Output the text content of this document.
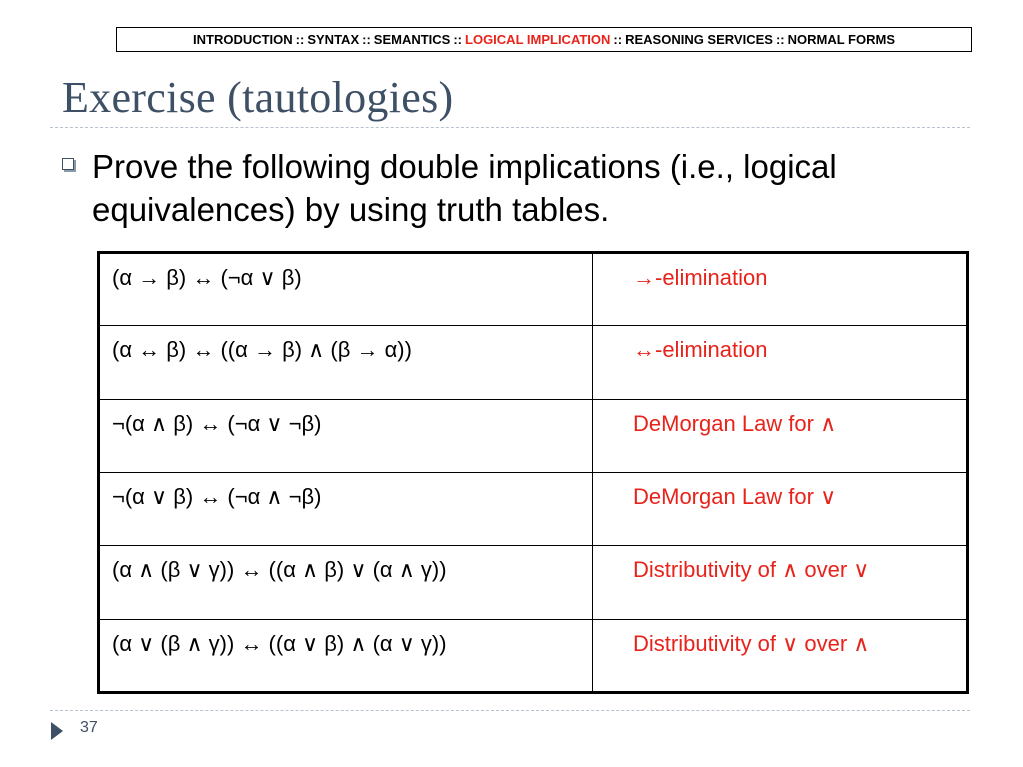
INTRODUCTION :: SYNTAX :: SEMANTICS :: LOGICAL IMPLICATION :: REASONING SERVICES :: NORMAL FORMS
Exercise (tautologies)
Prove the following double implications (i.e., logical equivalences) by using truth tables.
(α → β) ↔ (¬α ∨ β)	→-elimination
(α ↔ β) ↔ ((α → β) ∧ (β → α))	↔-elimination
¬(α ∧ β) ↔ (¬α ∨ ¬β)	DeMorgan Law for ∧
¬(α ∨ β) ↔ (¬α ∧ ¬β)	DeMorgan Law for ∨
(α ∧ (β ∨ γ)) ↔ ((α ∧ β) ∨ (α ∧ γ))	Distributivity of ∧ over ∨
(α ∨ (β ∧ γ)) ↔ ((α ∨ β) ∧ (α ∨ γ))	Distributivity of ∨ over ∧
37
